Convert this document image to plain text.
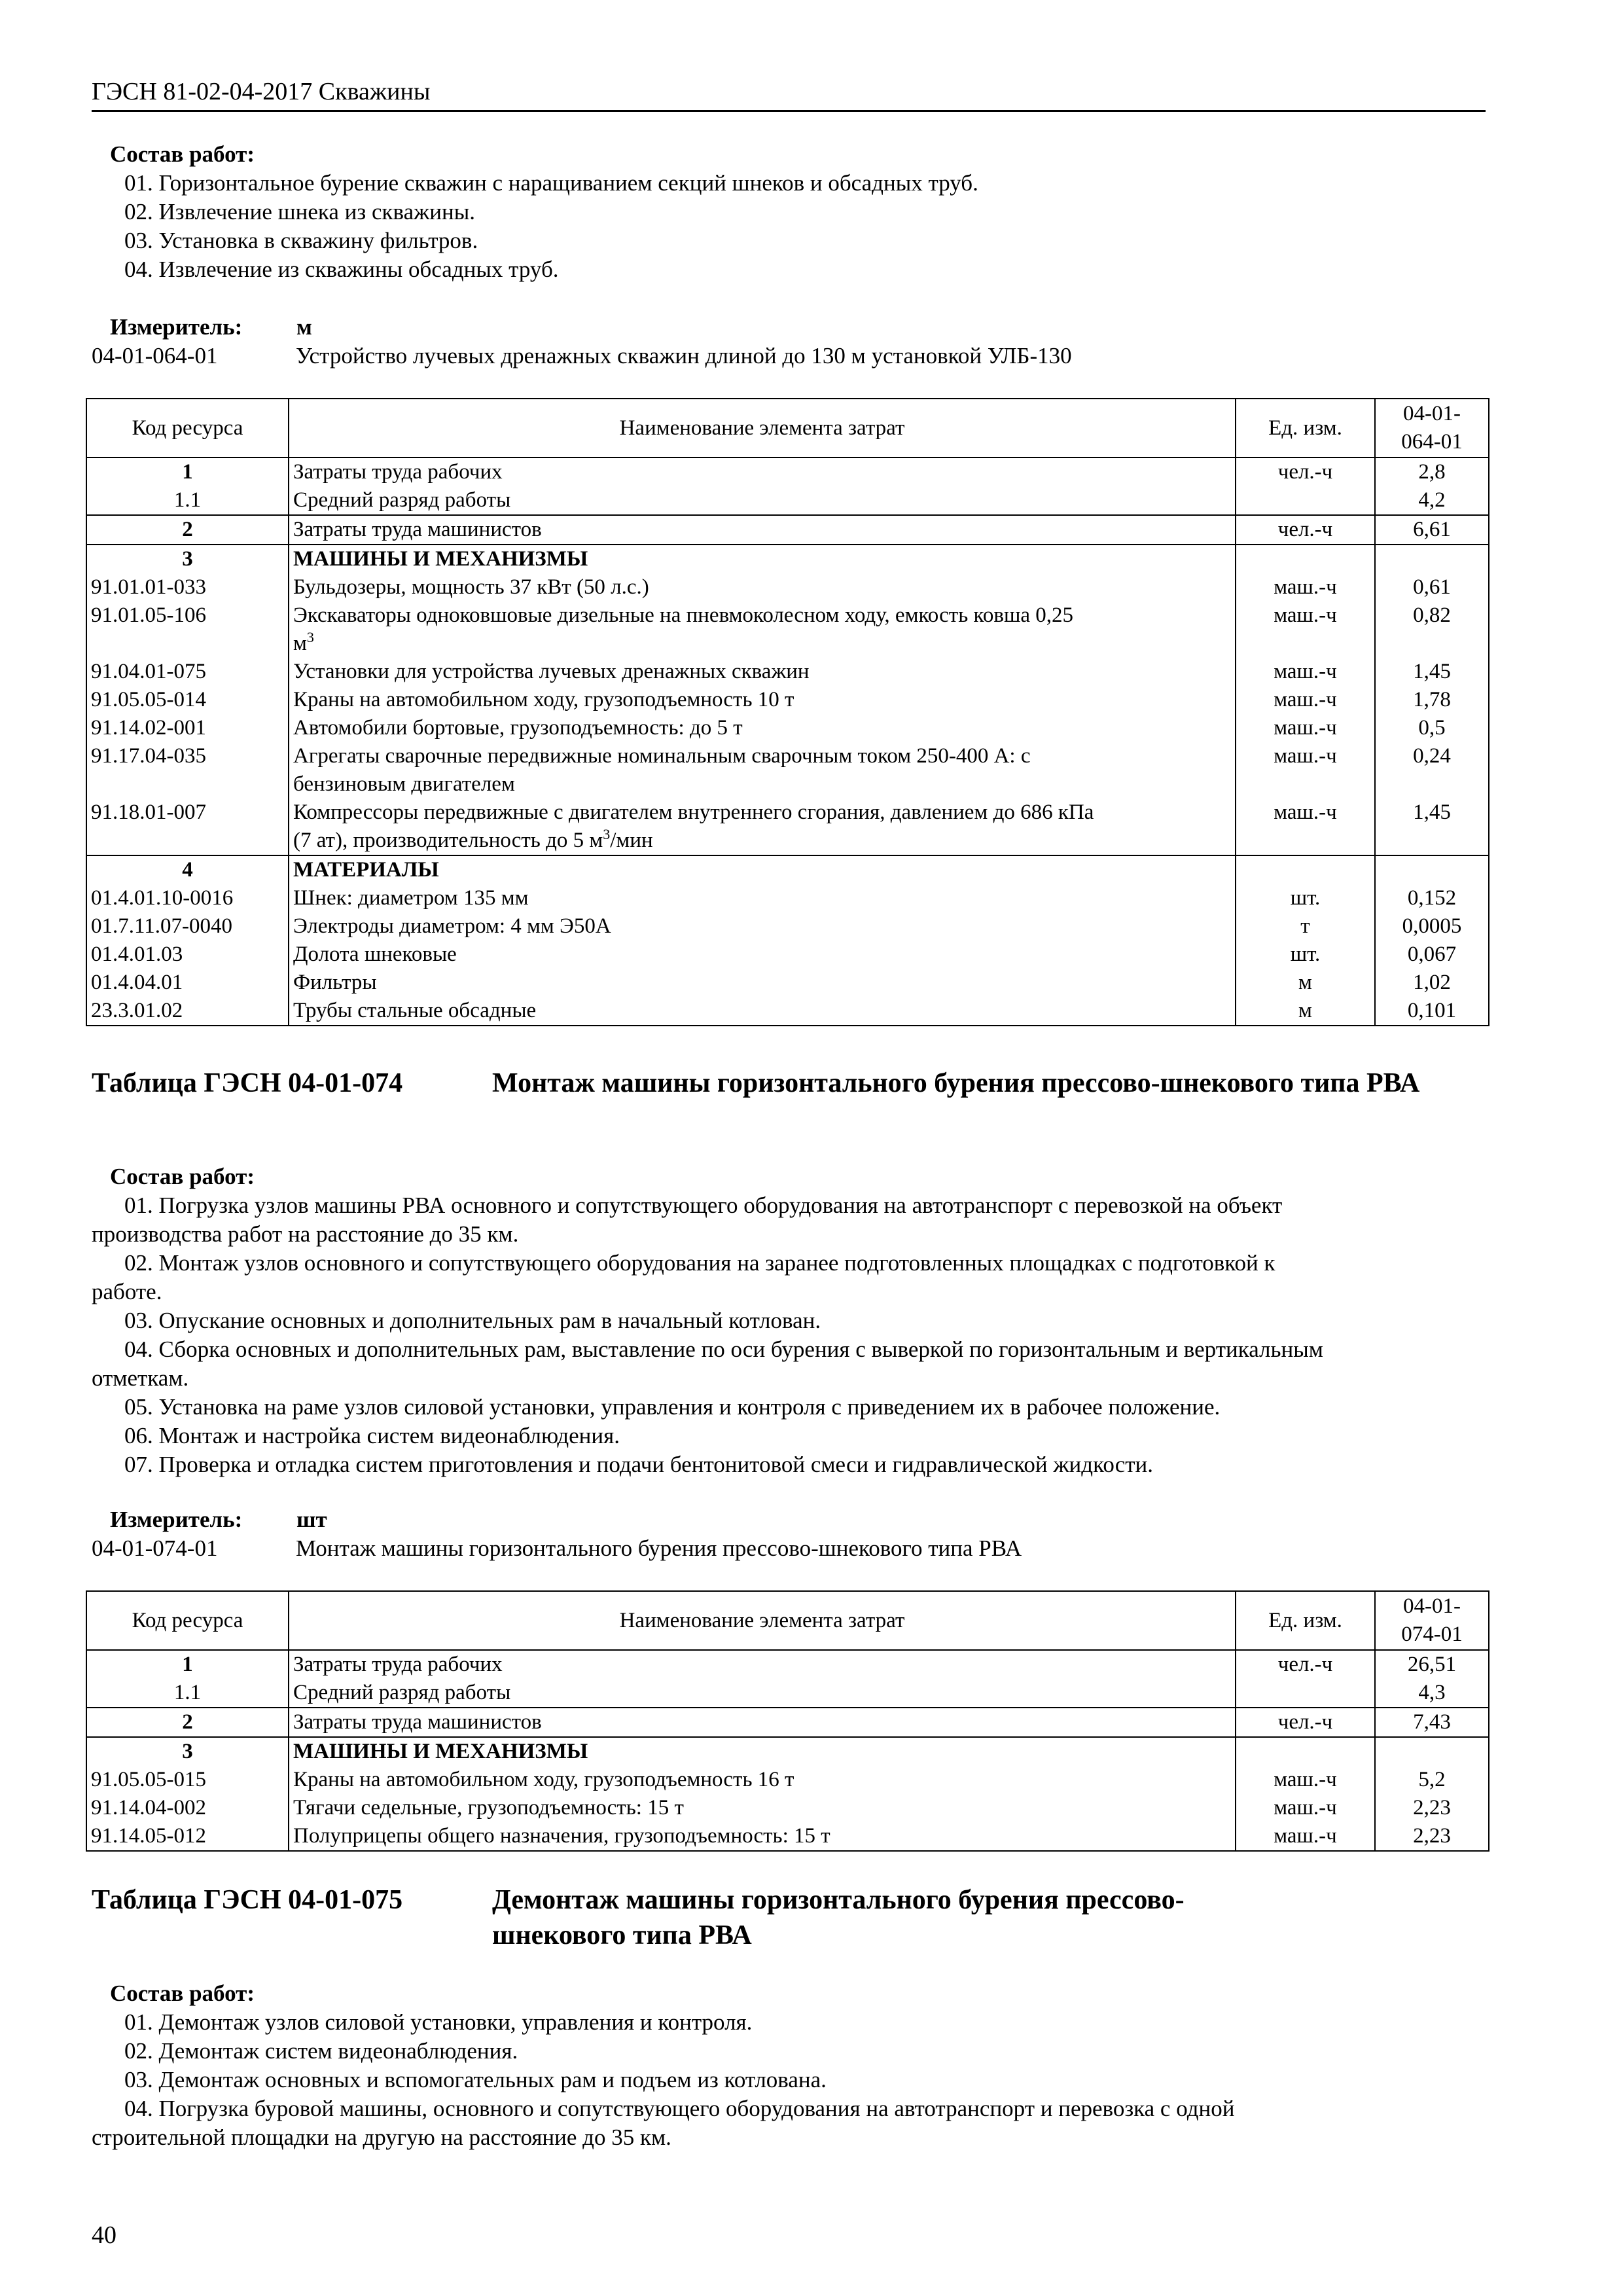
ГЭСН 81-02-04-2017 Скважины
Состав работ:
01. Горизонтальное бурение скважин с наращиванием секций шнеков и обсадных труб.
02. Извлечение шнека из скважины.
03. Установка в скважину фильтров.
04. Извлечение из скважины обсадных труб.
Измеритель: м
04-01-064-01	Устройство лучевых дренажных скважин длиной до 130 м установкой УЛБ-130
Код ресурса	Наименование элемента затрат	Ед. изм.	04-01-
064-01
1	Затраты труда рабочих	чел.-ч	2,8
1.1	Средний разряд работы		4,2
2	Затраты труда машинистов	чел.-ч	6,61
3	МАШИНЫ И МЕХАНИЗМЫ		
91.01.01-033	Бульдозеры, мощность 37 кВт (50 л.с.)	маш.-ч	0,61
91.01.05-106	Экскаваторы одноковшовые дизельные на пневмоколесном ходу, емкость ковша 0,25
$м^3$	маш.-ч	0,82
91.04.01-075	Установки для устройства лучевых дренажных скважин	маш.-ч	1,45
91.05.05-014	Краны на автомобильном ходу, грузоподъемность 10 т	маш.-ч	1,78
91.14.02-001	Автомобили бортовые, грузоподъемность: до 5 т	маш.-ч	0,5
91.17.04-035	Агрегаты сварочные передвижные номинальным сварочным током 250-400 А: с
бензиновым двигателем	маш.-ч	0,24
91.18.01-007	Компрессоры передвижные с двигателем внутреннего сгорания, давлением до 686 кПа
(7 ат), производительность до 5 $м^3$/мин	маш.-ч	1,45
4	МАТЕРИАЛЫ		
01.4.01.10-0016	Шнек: диаметром 135 мм	шт.	0,152
01.7.11.07-0040	Электроды диаметром: 4 мм Э50А	т	0,0005
01.4.01.03	Долота шнековые	шт.	0,067
01.4.04.01	Фильтры	м	1,02
23.3.01.02	Трубы стальные обсадные	м	0,101
Таблица ГЭСН 04-01-074	Монтаж машины горизонтального бурения прессово-шнекового типа РВА
Состав работ:
01. Погрузка узлов машины РВА основного и сопутствующего оборудования на автотранспорт с перевозкой на объект
производства работ на расстояние до 35 км.
02. Монтаж узлов основного и сопутствующего оборудования на заранее подготовленных площадках с подготовкой к
работе.
03. Опускание основных и дополнительных рам в начальный котлован.
04. Сборка основных и дополнительных рам, выставление по оси бурения с выверкой по горизонтальным и вертикальным
отметкам.
05. Установка на раме узлов силовой установки, управления и контроля с приведением их в рабочее положение.
06. Монтаж и настройка систем видеонаблюдения.
07. Проверка и отладка систем приготовления и подачи бентонитовой смеси и гидравлической жидкости.
Измеритель: шт
04-01-074-01	Монтаж машины горизонтального бурения прессово-шнекового типа РВА
Код ресурса	Наименование элемента затрат	Ед. изм.	04-01-
074-01
1	Затраты труда рабочих	чел.-ч	26,51
1.1	Средний разряд работы		4,3
2	Затраты труда машинистов	чел.-ч	7,43
3	МАШИНЫ И МЕХАНИЗМЫ		
91.05.05-015	Краны на автомобильном ходу, грузоподъемность 16 т	маш.-ч	5,2
91.14.04-002	Тягачи седельные, грузоподъемность: 15 т	маш.-ч	2,23
91.14.05-012	Полуприцепы общего назначения, грузоподъемность: 15 т	маш.-ч	2,23
Таблица ГЭСН 04-01-075	Демонтаж машины горизонтального бурения прессово-шнекового типа РВА
Состав работ:
01. Демонтаж узлов силовой установки, управления и контроля.
02. Демонтаж систем видеонаблюдения.
03. Демонтаж основных и вспомогательных рам и подъем из котлована.
04. Погрузка буровой машины, основного и сопутствующего оборудования на автотранспорт и перевозка с одной
строительной площадки на другую на расстояние до 35 км.
40
